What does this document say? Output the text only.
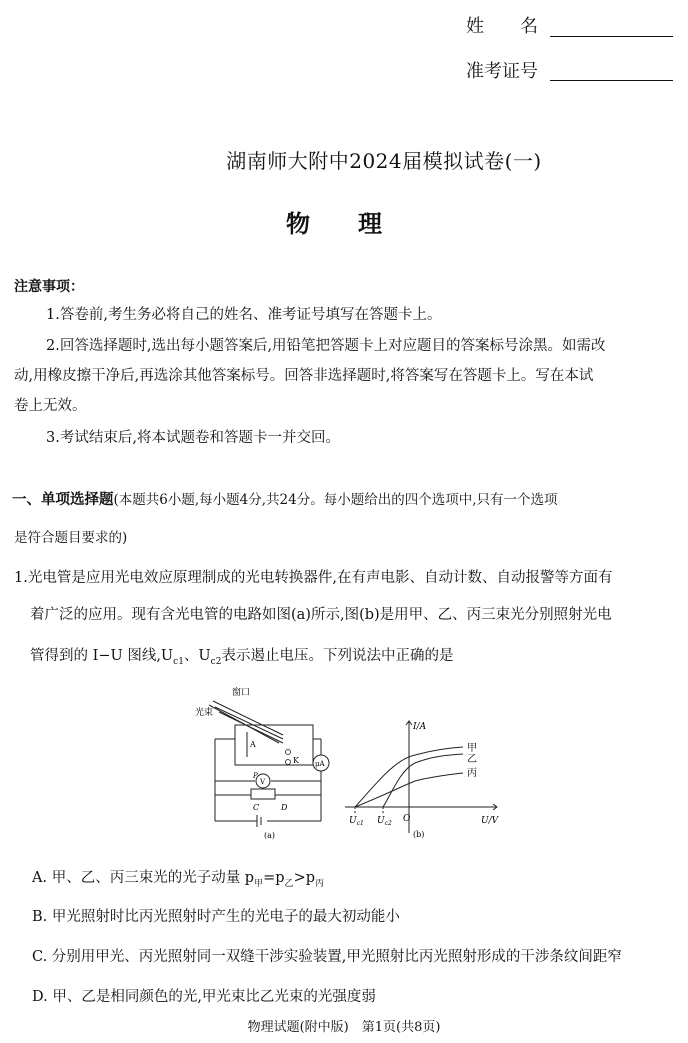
姓　　名
准考证号
湖南师大附中2024届模拟试卷(一)
物　　理
注意事项：
1.答卷前,考生务必将自己的姓名、准考证号填写在答题卡上。
2.回答选择题时,选出每小题答案后,用铅笔把答题卡上对应题目的答案标号涂黑。如需改
动,用橡皮擦干净后,再选涂其他答案标号。回答非选择题时,将答案写在答题卡上。写在本试
卷上无效。
3.考试结束后,将本试题卷和答题卡一并交回。
一、单项选择题(本题共6小题,每小题4分,共24分。每小题给出的四个选项中,只有一个选项
是符合题目要求的)
1.光电管是应用光电效应原理制成的光电转换器件,在有声电影、自动计数、自动报警等方面有
着广泛的应用。现有含光电管的电路如图(a)所示,图(b)是用甲、乙、丙三束光分别照射光电
管得到的 I−U 图线$,U_{c1}$、$U_{c2}$表示遏止电压。下列说法中正确的是
窗口
光束
A
K μA
V
P
C	D
(a)
I/A
U/V
O
$U_{c1}$ $U_{c2}$
甲
乙
丙
(b)
A. 甲、乙、丙三束光的光子动量 $p_甲=p_乙>p_丙$
B. 甲光照射时比丙光照射时产生的光电子的最大初动能小
C. 分别用甲光、丙光照射同一双缝干涉实验装置,甲光照射比丙光照射形成的干涉条纹间距窄
D. 甲、乙是相同颜色的光,甲光束比乙光束的光强度弱
物理试题(附中版)　第1页(共8页)
